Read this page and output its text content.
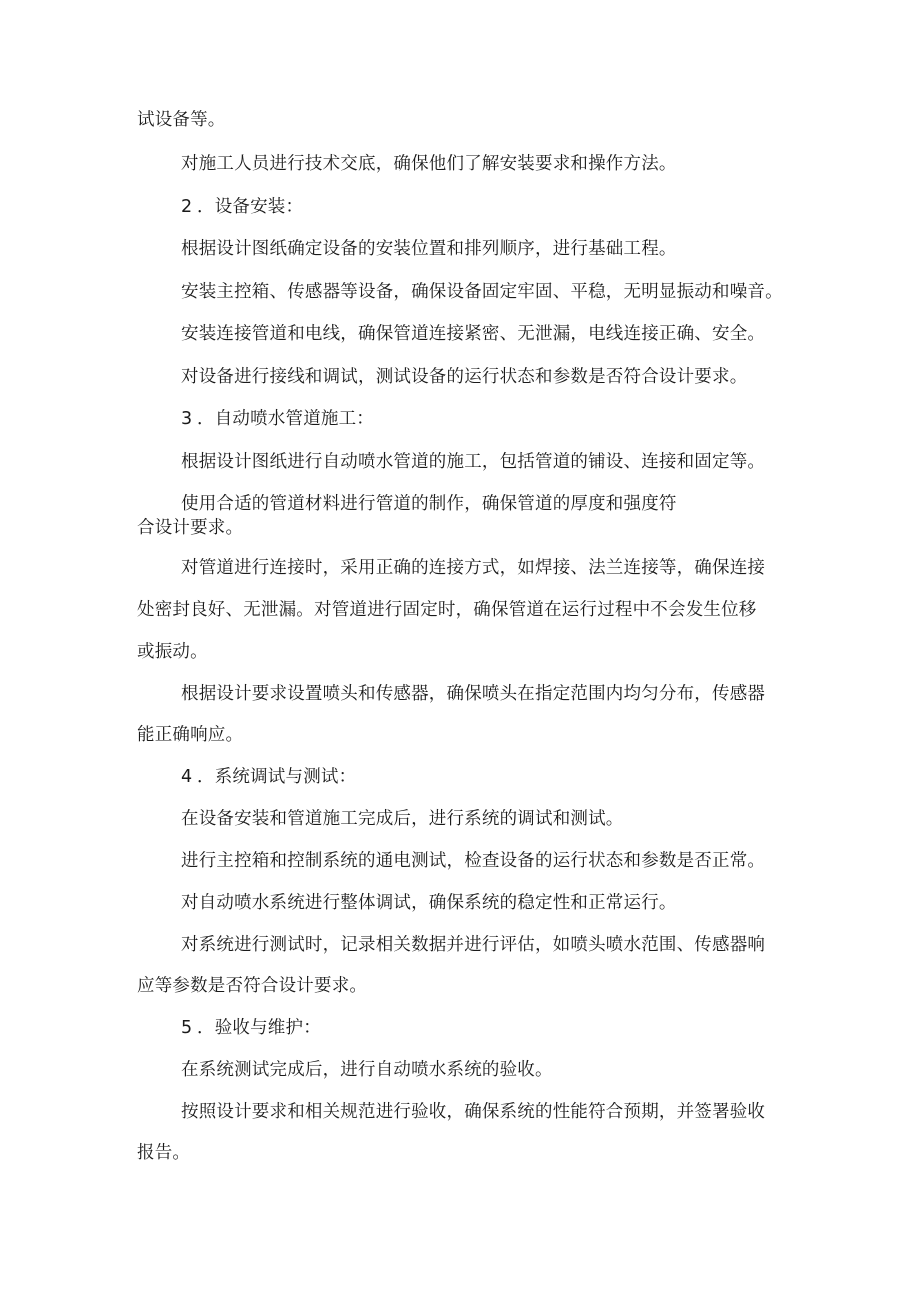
试设备等。
对施工人员进行技术交底，确保他们了解安装要求和操作方法。
2 ．设备安装：
根据设计图纸确定设备的安装位置和排列顺序，进行基础工程。
安装主控箱、传感器等设备，确保设备固定牢固、平稳，无明显振动和噪音。
安装连接管道和电线，确保管道连接紧密、无泄漏，电线连接正确、安全。
对设备进行接线和调试，测试设备的运行状态和参数是否符合设计要求。
3 ．自动喷水管道施工：
根据设计图纸进行自动喷水管道的施工，包括管道的铺设、连接和固定等。
使用合适的管道材料进行管道的制作，确保管道的厚度和强度符
合设计要求。
对管道进行连接时，采用正确的连接方式，如焊接、法兰连接等，确保连接
处密封良好、无泄漏。对管道进行固定时，确保管道在运行过程中不会发生位移
或振动。
根据设计要求设置喷头和传感器，确保喷头在指定范围内均匀分布，传感器
能正确响应。
4 ．系统调试与测试：
在设备安装和管道施工完成后，进行系统的调试和测试。
进行主控箱和控制系统的通电测试，检查设备的运行状态和参数是否正常。
对自动喷水系统进行整体调试，确保系统的稳定性和正常运行。
对系统进行测试时，记录相关数据并进行评估，如喷头喷水范围、传感器响
应等参数是否符合设计要求。
5 ．验收与维护：
在系统测试完成后，进行自动喷水系统的验收。
按照设计要求和相关规范进行验收，确保系统的性能符合预期，并签署验收
报告。
